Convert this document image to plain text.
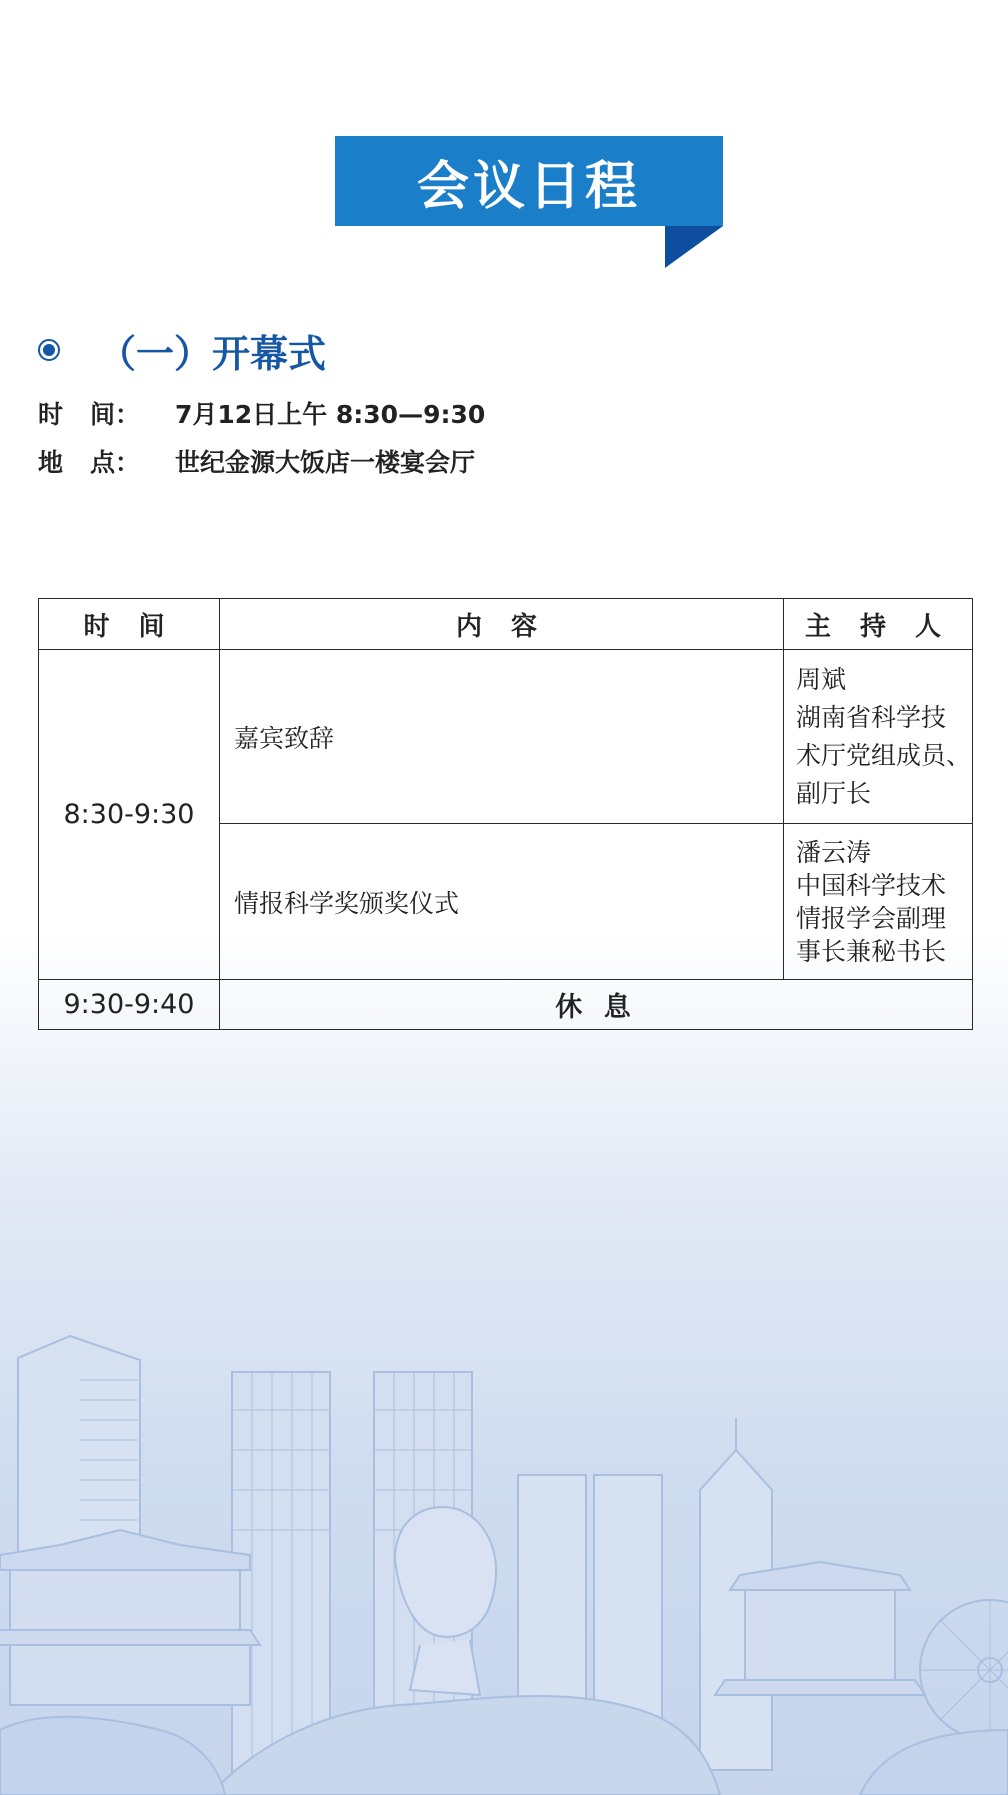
会议日程
（一）开幕式
时	间：	7月12日上午 8:30—9:30
地	点：	世纪金源大饭店一楼宴会厅
时 间	内 容	主 持 人
8:30-9:30	嘉宾致辞	周斌
湖南省科学技
术厅党组成员、
副厅长

	情报科学奖颁奖仪式	潘云涛
中国科学技术
情报学会副理
事长兼秘书长

9:30-9:40	休 息	
